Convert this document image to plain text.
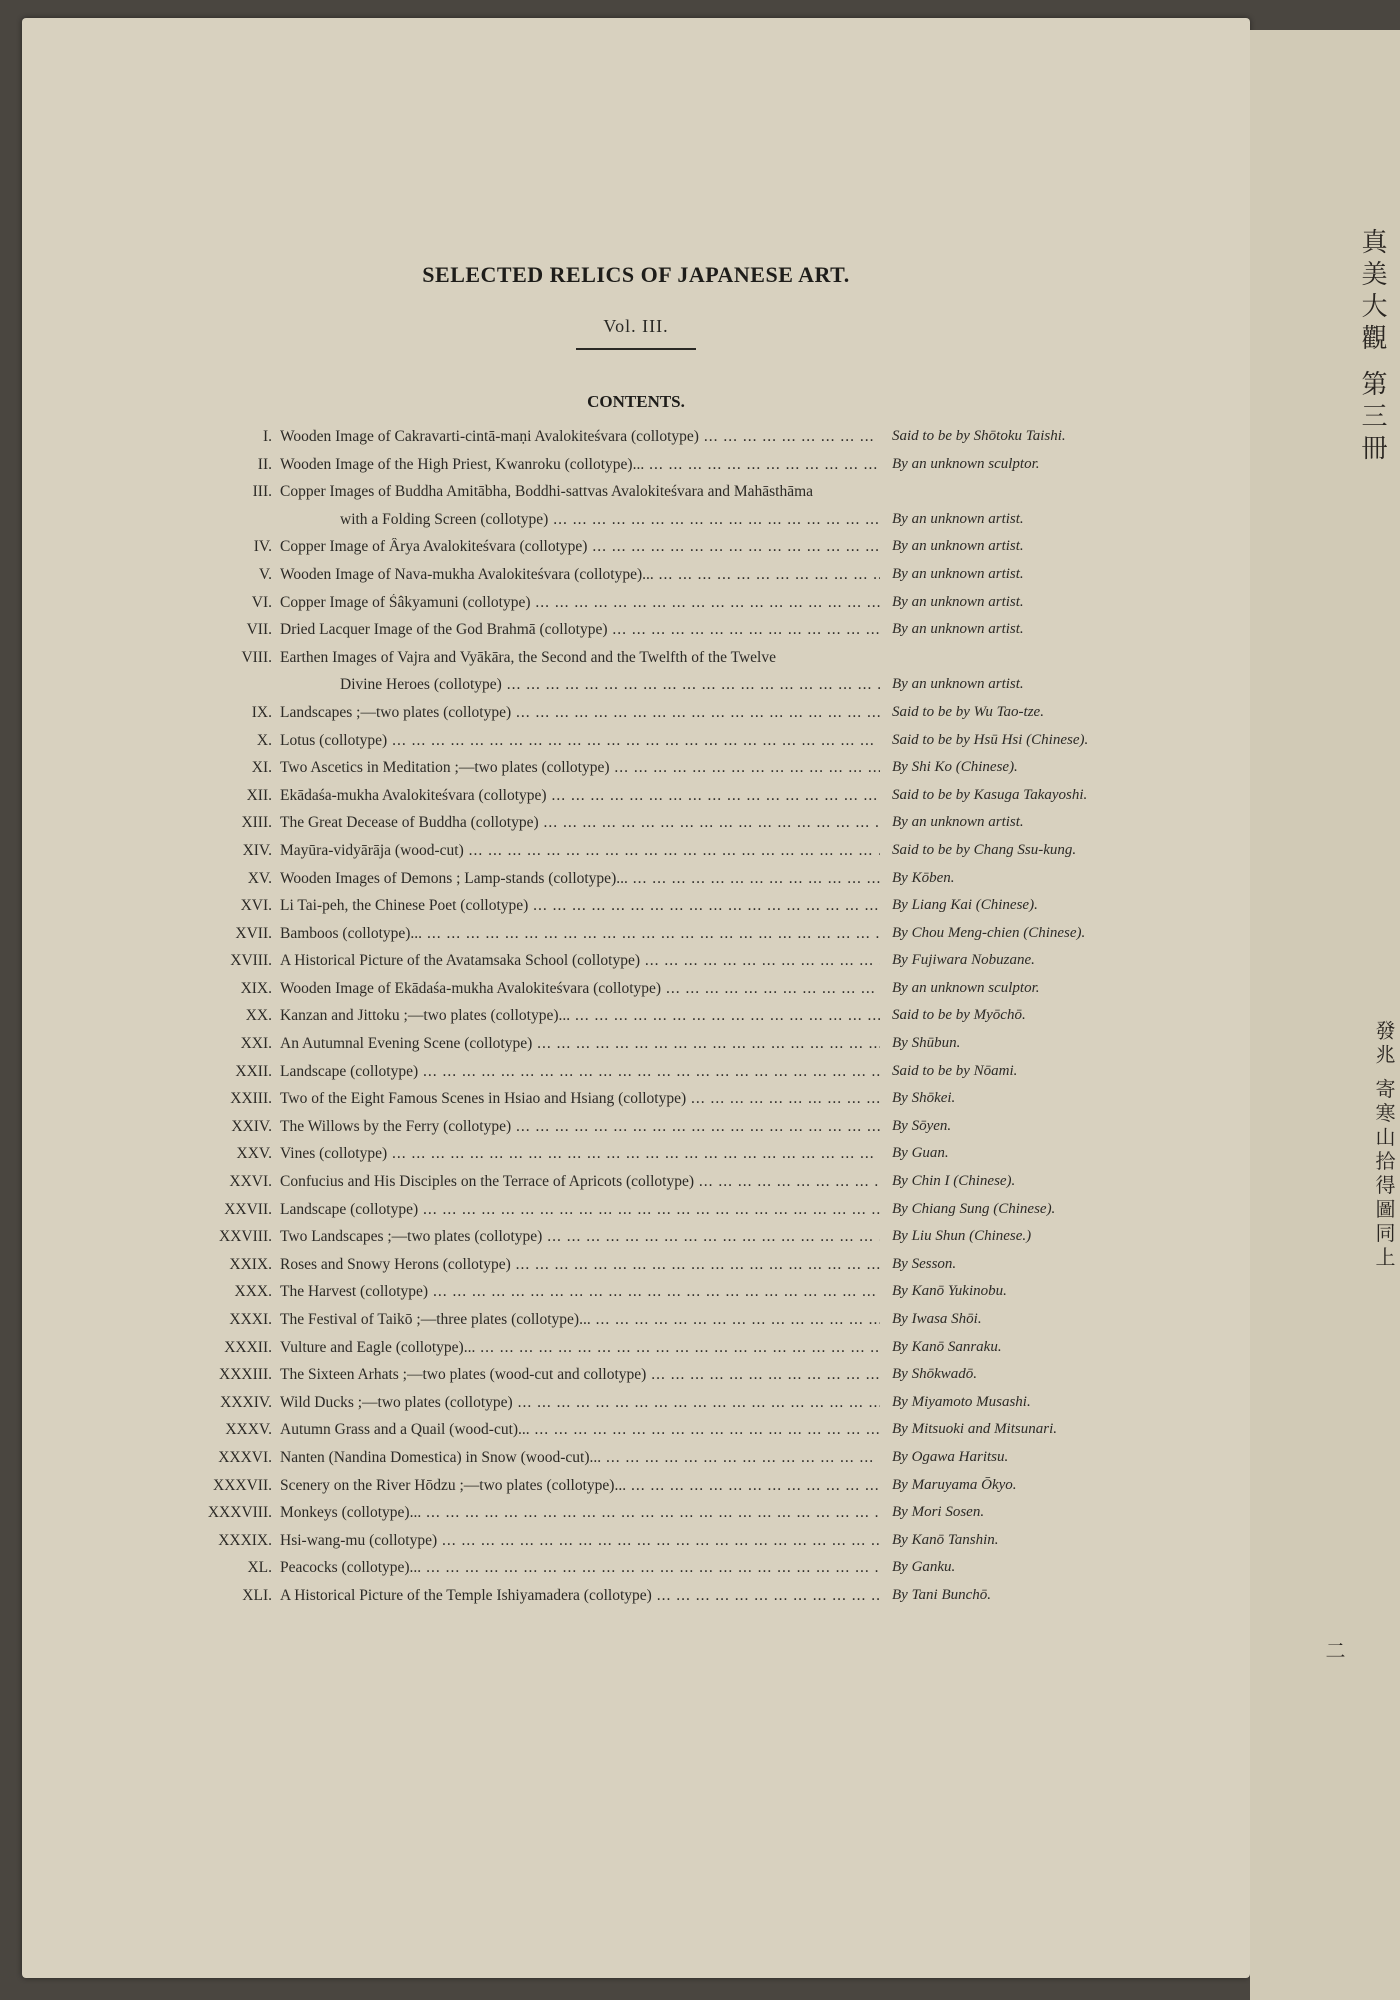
SELECTED RELICS OF JAPANESE ART.
Vol. III.
CONTENTS.
I. Wooden Image of Cakravarti-cintā-maṇi Avalokiteśvara (collotype) ... .	Said to be by Shōtoku Taishi.
II. Wooden Image of the High Priest, Kwanroku (collotype)... ... .	By an unknown sculptor.
III. Copper Images of Buddha Amitābha, Boddhi-sattvas Avalokiteśvara and Mahāsthāma
with a Folding Screen (collotype) ... .	By an unknown artist.
IV. Copper Image of Ârya Avalokiteśvara (collotype) ... .	By an unknown artist.
V. Wooden Image of Nava-mukha Avalokiteśvara (collotype)... ... .	By an unknown artist.
VI. Copper Image of Śâkyamuni (collotype) ... .	By an unknown artist.
VII. Dried Lacquer Image of the God Brahmā (collotype) ... .	By an unknown artist.
VIII. Earthen Images of Vajra and Vyākāra, the Second and the Twelfth of the Twelve
Divine Heroes (collotype) ... .	By an unknown artist.
IX. Landscapes ;—two plates (collotype) ... .	Said to be by Wu Tao-tze.
X. Lotus (collotype) ... .	Said to be by Hsū Hsi (Chinese).
XI. Two Ascetics in Meditation ;—two plates (collotype) ... .	By Shi Ko (Chinese).
XII. Ekādaśa-mukha Avalokiteśvara (collotype) ... .	Said to be by Kasuga Takayoshi.
XIII. The Great Decease of Buddha (collotype) ... .	By an unknown artist.
XIV. Mayūra-vidyārāja (wood-cut) ... .	Said to be by Chang Ssu-kung.
XV. Wooden Images of Demons ; Lamp-stands (collotype)... ... .	By Kōben.
XVI. Li Tai-peh, the Chinese Poet (collotype) ... .	By Liang Kai (Chinese).
XVII. Bamboos (collotype)... ... .	By Chou Meng-chien (Chinese).
XVIII. A Historical Picture of the Avatamsaka School (collotype) ... .	By Fujiwara Nobuzane.
XIX. Wooden Image of Ekādaśa-mukha Avalokiteśvara (collotype) ... .	By an unknown sculptor.
XX. Kanzan and Jittoku ;—two plates (collotype)... ... .	Said to be by Myōchō.
XXI. An Autumnal Evening Scene (collotype) ... .	By Shūbun.
XXII. Landscape (collotype) ... .	Said to be by Nōami.
XXIII. Two of the Eight Famous Scenes in Hsiao and Hsiang (collotype) ... .	By Shōkei.
XXIV. The Willows by the Ferry (collotype) ... .	By Sōyen.
XXV. Vines (collotype) ... .	By Guan.
XXVI. Confucius and His Disciples on the Terrace of Apricots (collotype) ... .	By Chin I (Chinese).
XXVII. Landscape (collotype) ... .	By Chiang Sung (Chinese).
XXVIII. Two Landscapes ;—two plates (collotype) ... .	By Liu Shun (Chinese.)
XXIX. Roses and Snowy Herons (collotype) ... .	By Sesson.
XXX. The Harvest (collotype) ... .	By Kanō Yukinobu.
XXXI. The Festival of Taikō ;—three plates (collotype)... ... .	By Iwasa Shōi.
XXXII. Vulture and Eagle (collotype)... ... .	By Kanō Sanraku.
XXXIII. The Sixteen Arhats ;—two plates (wood-cut and collotype) ... .	By Shōkwadō.
XXXIV. Wild Ducks ;—two plates (collotype) ... .	By Miyamoto Musashi.
XXXV. Autumn Grass and a Quail (wood-cut)... ... .	By Mitsuoki and Mitsunari.
XXXVI. Nanten (Nandina Domestica) in Snow (wood-cut)... ... .	By Ogawa Haritsu.
XXXVII. Scenery on the River Hōdzu ;—two plates (collotype)... ... .	By Maruyama Ōkyo.
XXXVIII. Monkeys (collotype)... ... .	By Mori Sosen.
XXXIX. Hsi-wang-mu (collotype) ... .	By Kanō Tanshin.
XL. Peacocks (collotype)... ... .	By Ganku.
XLI. A Historical Picture of the Temple Ishiyamadera (collotype) ... .	By Tani Bunchō.
真美大觀 第三冊
發兆 寄寒山拾得圖同上
二
